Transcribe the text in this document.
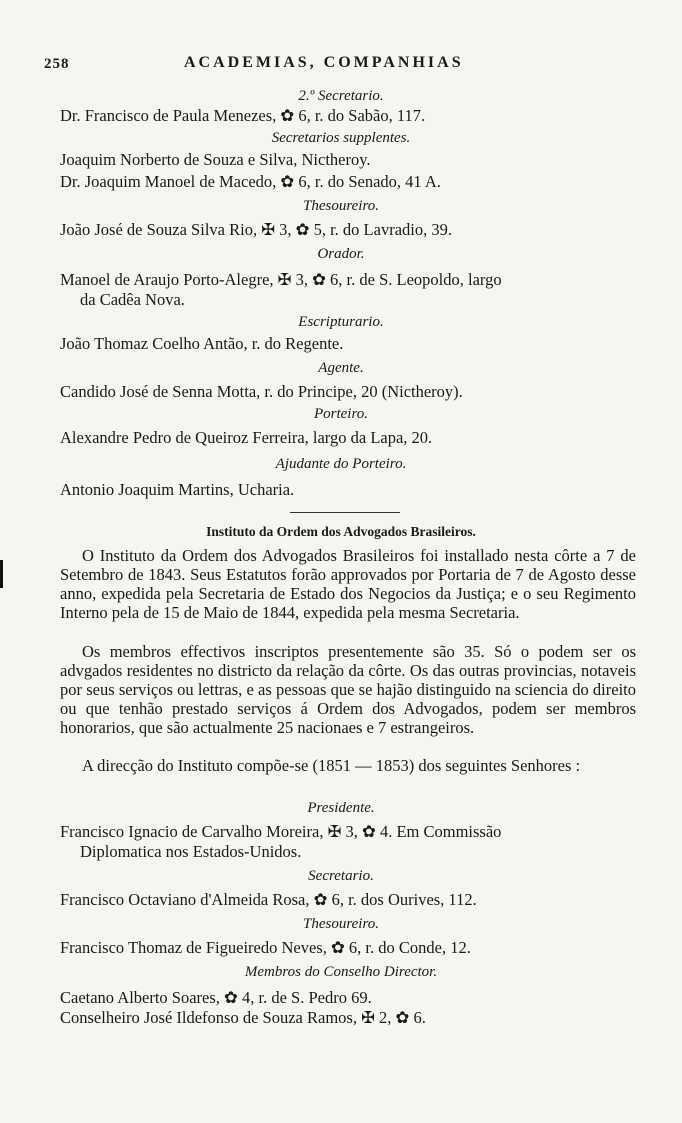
258	ACADEMIAS, COMPANHIAS
2.º Secretario.
Dr. Francisco de Paula Menezes, ✿ 6, r. do Sabão, 117.
Secretarios supplentes.
Joaquim Norberto de Souza e Silva, Nictheroy.
Dr. Joaquim Manoel de Macedo, ✿ 6, r. do Senado, 41 A.
Thesoureiro.
João José de Souza Silva Rio, ✠ 3, ✿ 5, r. do Lavradio, 39.
Orador.
Manoel de Araujo Porto-Alegre, ✠ 3, ✿ 6, r. de S. Leopoldo, largo
da Cadêa Nova.
Escripturario.
João Thomaz Coelho Antão, r. do Regente.
Agente.
Candido José de Senna Motta, r. do Principe, 20 (Nictheroy).
Porteiro.
Alexandre Pedro de Queiroz Ferreira, largo da Lapa, 20.
Ajudante do Porteiro.
Antonio Joaquim Martins, Ucharia.
Instituto da Ordem dos Advogados Brasileiros.
O Instituto da Ordem dos Advogados Brasileiros foi installado nesta côrte a 7 de Setembro de 1843. Seus Estatutos forão approvados por Portaria de 7 de Agosto desse anno, expedida pela Secretaria de Estado dos Negocios da Justiça; e o seu Regimento Interno pela de 15 de Maio de 1844, expedida pela mesma Secretaria.
Os membros effectivos inscriptos presentemente são 35. Só o podem ser os advgados residentes no districto da relação da côrte. Os das outras provincias, notaveis por seus serviços ou lettras, e as pessoas que se hajão distinguido na sciencia do direito ou que tenhão prestado serviços á Ordem dos Advogados, podem ser membros honorarios, que são actualmente 25 nacionaes e 7 estrangeiros.
A direcção do Instituto compõe-se (1851 — 1853) dos seguintes Senhores :
Presidente.
Francisco Ignacio de Carvalho Moreira, ✠ 3, ✿ 4. Em Commissão
Diplomatica nos Estados-Unidos.
Secretario.
Francisco Octaviano d'Almeida Rosa, ✿ 6, r. dos Ourives, 112.
Thesoureiro.
Francisco Thomaz de Figueiredo Neves, ✿ 6, r. do Conde, 12.
Membros do Conselho Director.
Caetano Alberto Soares, ✿ 4, r. de S. Pedro 69.
Conselheiro José Ildefonso de Souza Ramos, ✠ 2, ✿ 6.
